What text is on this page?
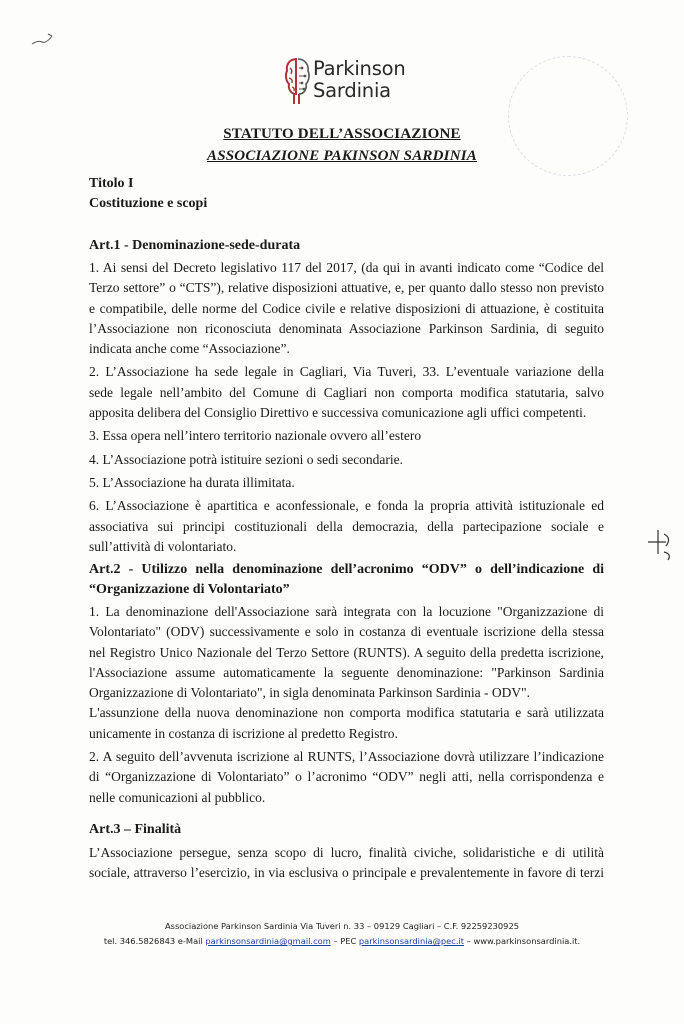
Parkinson
Sardinia
STATUTO DELL’ASSOCIAZIONE
ASSOCIAZIONE PAKINSON SARDINIA
Titolo I
Costituzione e scopi
Art.1 - Denominazione-sede-durata
1. Ai sensi del Decreto legislativo 117 del 2017, (da qui in avanti indicato come “Codice del
Terzo settore” o “CTS”), relative disposizioni attuative, e, per quanto dallo stesso non previsto
e compatibile, delle norme del Codice civile e relative disposizioni di attuazione, è costituita
l’Associazione non riconosciuta denominata Associazione Parkinson Sardinia, di seguito
indicata anche come “Associazione”.
2. L’Associazione ha sede legale in Cagliari, Via Tuveri, 33. L’eventuale variazione della
sede legale nell’ambito del Comune di Cagliari non comporta modifica statutaria, salvo
apposita delibera del Consiglio Direttivo e successiva comunicazione agli uffici competenti.
3. Essa opera nell’intero territorio nazionale ovvero all’estero
4. L’Associazione potrà istituire sezioni o sedi secondarie.
5. L’Associazione ha durata illimitata.
6. L’Associazione è apartitica e aconfessionale, e fonda la propria attività istituzionale ed
associativa sui principi costituzionali della democrazia, della partecipazione sociale e
sull’attività di volontariato.
Art.2 - Utilizzo nella denominazione dell’acronimo “ODV” o dell’indicazione di
“Organizzazione di Volontariato”
1. La denominazione dell'Associazione sarà integrata con la locuzione "Organizzazione di
Volontariato" (ODV) successivamente e solo in costanza di eventuale iscrizione della stessa
nel Registro Unico Nazionale del Terzo Settore (RUNTS). A seguito della predetta iscrizione,
l'Associazione assume automaticamente la seguente denominazione: "Parkinson Sardinia
Organizzazione di Volontariato", in sigla denominata Parkinson Sardinia - ODV".
L'assunzione della nuova denominazione non comporta modifica statutaria e sarà utilizzata
unicamente in costanza di iscrizione al predetto Registro.
2. A seguito dell’avvenuta iscrizione al RUNTS, l’Associazione dovrà utilizzare l’indicazione
di “Organizzazione di Volontariato” o l’acronimo “ODV” negli atti, nella corrispondenza e
nelle comunicazioni al pubblico.
Art.3 – Finalità
L’Associazione persegue, senza scopo di lucro, finalità civiche, solidaristiche e di utilità
sociale, attraverso l’esercizio, in via esclusiva o principale e prevalentemente in favore di terzi
Associazione Parkinson Sardinia Via Tuveri n. 33 – 09129 Cagliari – C.F. 92259230925
tel. 346.5826843 e-Mail parkinsonsardinia@gmail.com – PEC parkinsonsardinia@pec.it – www.parkinsonsardinia.it.
